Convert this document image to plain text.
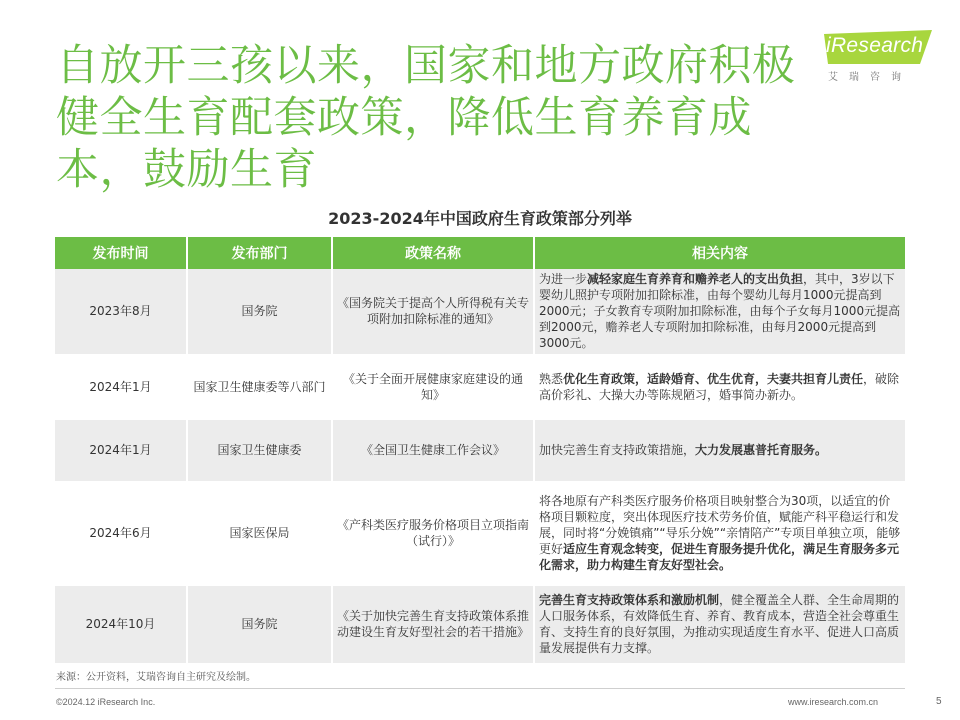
自放开三孩以来，国家和地方政府积极健全生育配套政策，降低生育养育成本，鼓励生育
iResearch
艾瑞咨询
2023-2024年中国政府生育政策部分列举
发布时间	发布部门	政策名称	相关内容
2023年8月	国务院	《国务院关于提高个人所得税有关专项附加扣除标准的通知》	为进一步减轻家庭生育养育和赡养老人的支出负担，其中，3岁以下婴幼儿照护专项附加扣除标准，由每个婴幼儿每月1000元提高到2000元；子女教育专项附加扣除标准，由每个子女每月1000元提高到2000元，赡养老人专项附加扣除标准，由每月2000元提高到3000元。
2024年1月	国家卫生健康委等八部门	《关于全面开展健康家庭建设的通知》	熟悉优化生育政策，适龄婚育、优生优育，夫妻共担育儿责任，破除高价彩礼、大操大办等陈规陋习，婚事简办新办。
2024年1月	国家卫生健康委	《全国卫生健康工作会议》	加快完善生育支持政策措施，大力发展惠普托育服务。
2024年6月	国家医保局	《产科类医疗服务价格项目立项指南（试行）》	将各地原有产科类医疗服务价格项目映射整合为30项，以适宜的价格项目颗粒度，突出体现医疗技术劳务价值，赋能产科平稳运行和发展，同时将“分娩镇痛”“导乐分娩”“亲情陪产”专项目单独立项，能够更好适应生育观念转变，促进生育服务提升优化，满足生育服务多元化需求，助力构建生育友好型社会。
2024年10月	国务院	《关于加快完善生育支持政策体系推动建设生育友好型社会的若干措施》	完善生育支持政策体系和激励机制，健全覆盖全人群、全生命周期的人口服务体系，有效降低生育、养育、教育成本，营造全社会尊重生育、支持生育的良好氛围，为推动实现适度生育水平、促进人口高质量发展提供有力支撑。
来源：公开资料，艾瑞咨询自主研究及绘制。
©2024.12 iResearch Inc.	www.iresearch.com.cn	5
